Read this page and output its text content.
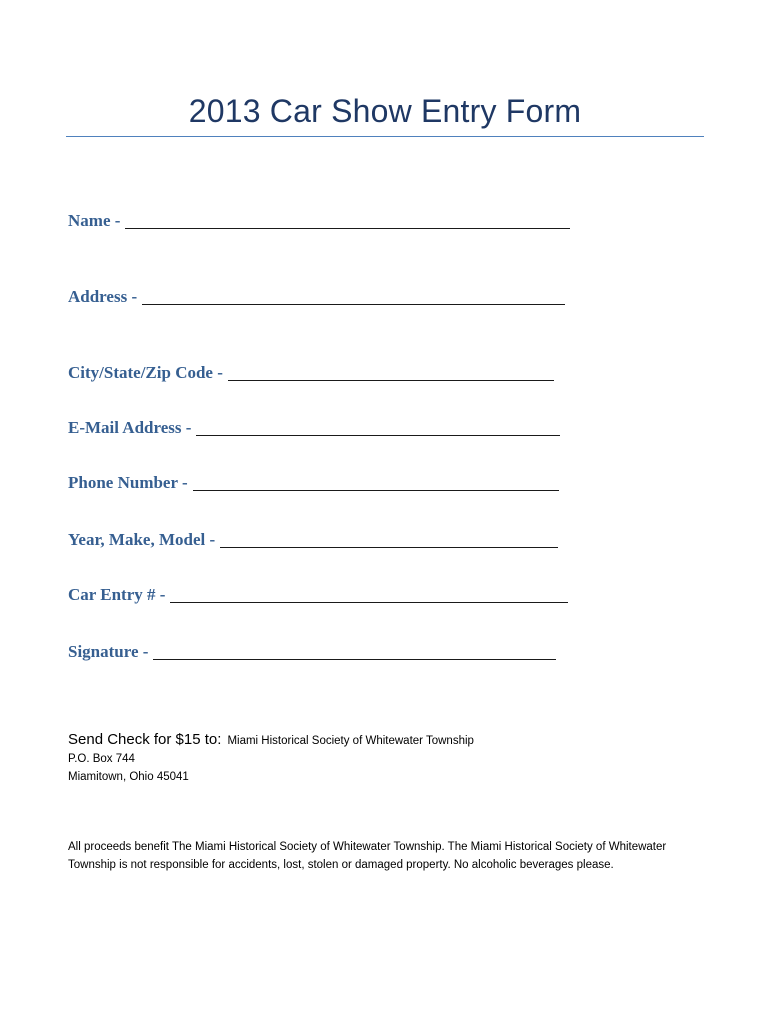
2013 Car Show Entry Form
Name -
Address -
City/State/Zip Code -
E-Mail Address -
Phone Number -
Year, Make, Model -
Car Entry # -
Signature -
Send Check for $15 to: Miami Historical Society of Whitewater Township
P.O. Box 744
Miamitown, Ohio 45041

All proceeds benefit The Miami Historical Society of Whitewater Township. The Miami Historical Society of Whitewater Township is not responsible for accidents, lost, stolen or damaged property. No alcoholic beverages please.
